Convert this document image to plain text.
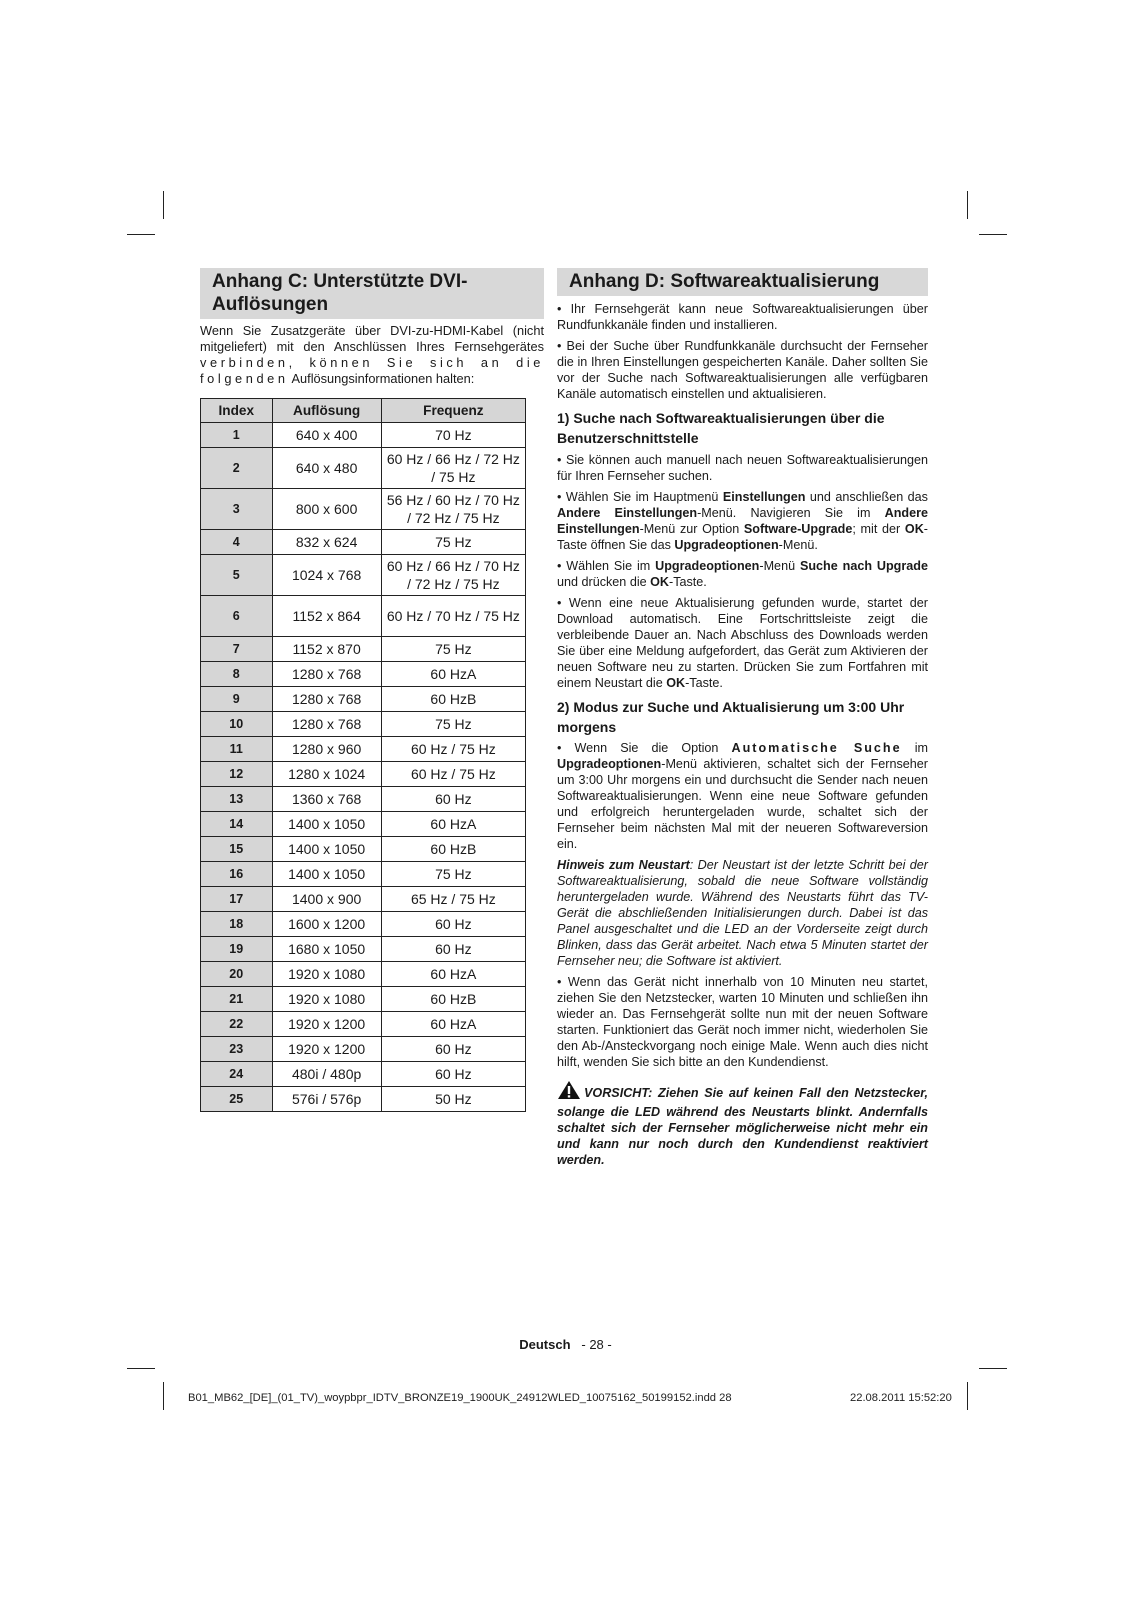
Anhang C: Unterstützte DVI-
Auflösungen

Wenn Sie Zusatzgeräte über DVI-zu-HDMI-Kabel (nicht mitgeliefert) mit den Anschlüssen Ihres Fernsehgerätes verbinden, können Sie sich an die folgenden Auflösungsinformationen halten:

Index	Auflösung	Frequenz
1	640 x 400	70 Hz
2	640 x 480	60 Hz / 66 Hz / 72 Hz / 75 Hz
3	800 x 600	56 Hz / 60 Hz / 70 Hz / 72 Hz / 75 Hz
4	832 x 624	75 Hz
5	1024 x 768	60 Hz / 66 Hz / 70 Hz / 72 Hz / 75 Hz
6	1152 x 864	60 Hz / 70 Hz / 75 Hz
7	1152 x 870	75 Hz
8	1280 x 768	60 HzA
9	1280 x 768	60 HzB
10	1280 x 768	75 Hz
11	1280 x 960	60 Hz / 75 Hz
12	1280 x 1024	60 Hz / 75 Hz
13	1360 x 768	60 Hz
14	1400 x 1050	60 HzA
15	1400 x 1050	60 HzB
16	1400 x 1050	75 Hz
17	1400 x 900	65 Hz / 75 Hz
18	1600 x 1200	60 Hz
19	1680 x 1050	60 Hz
20	1920 x 1080	60 HzA
21	1920 x 1080	60 HzB
22	1920 x 1200	60 HzA
23	1920 x 1200	60 Hz
24	480i / 480p	60 Hz
25	576i / 576p	50 Hz
Anhang D: Softwareaktualisierung

• Ihr Fernsehgerät kann neue Softwareaktualisierungen über Rundfunkkanäle finden und installieren.

• Bei der Suche über Rundfunkkanäle durchsucht der Fernseher die in Ihren Einstellungen gespeicherten Kanäle. Daher sollten Sie vor der Suche nach Softwareaktualisierungen alle verfügbaren Kanäle automatisch einstellen und aktualisieren.

1) Suche nach Softwareaktualisierungen über die Benutzerschnittstelle

• Sie können auch manuell nach neuen Softwareaktualisierungen für Ihren Fernseher suchen.

• Wählen Sie im Hauptmenü Einstellungen und anschließen das Andere Einstellungen-Menü. Navigieren Sie im Andere Einstellungen-Menü zur Option Software-Upgrade; mit der OK-Taste öffnen Sie das Upgradeoptionen-Menü.

• Wählen Sie im Upgradeoptionen-Menü Suche nach Upgrade und drücken die OK-Taste.

• Wenn eine neue Aktualisierung gefunden wurde, startet der Download automatisch. Eine Fortschrittsleiste zeigt die verbleibende Dauer an. Nach Abschluss des Downloads werden Sie über eine Meldung aufgefordert, das Gerät zum Aktivieren der neuen Software neu zu starten. Drücken Sie zum Fortfahren mit einem Neustart die OK-Taste.

2) Modus zur Suche und Aktualisierung um 3:00 Uhr morgens

• Wenn Sie die Option Automatische Suche im Upgradeoptionen-Menü aktivieren, schaltet sich der Fernseher um 3:00 Uhr morgens ein und durchsucht die Sender nach neuen Softwareaktualisierungen. Wenn eine neue Software gefunden und erfolgreich heruntergeladen wurde, schaltet sich der Fernseher beim nächsten Mal mit der neueren Softwareversion ein.

Hinweis zum Neustart: Der Neustart ist der letzte Schritt bei der Softwareaktualisierung, sobald die neue Software vollständig heruntergeladen wurde. Während des Neustarts führt das TV-Gerät die abschließenden Initialisierungen durch. Dabei ist das Panel ausgeschaltet und die LED an der Vorderseite zeigt durch Blinken, dass das Gerät arbeitet. Nach etwa 5 Minuten startet der Fernseher neu; die Software ist aktiviert.

• Wenn das Gerät nicht innerhalb von 10 Minuten neu startet, ziehen Sie den Netzstecker, warten 10 Minuten und schließen ihn wieder an. Das Fernsehgerät sollte nun mit der neuen Software starten. Funktioniert das Gerät noch immer nicht, wiederholen Sie den Ab-/Ansteckvorgang noch einige Male. Wenn auch dies nicht hilft, wenden Sie sich bitte an den Kundendienst.

VORSICHT: Ziehen Sie auf keinen Fall den Netzstecker, solange die LED während des Neustarts blinkt. Andernfalls schaltet sich der Fernseher möglicherweise nicht mehr ein und kann nur noch durch den Kundendienst reaktiviert werden.

Deutsch - 28 -
B01_MB62_[DE]_(01_TV)_woypbpr_IDTV_BRONZE19_1900UK_24912WLED_10075162_50199152.indd 28	22.08.2011 15:52:20
